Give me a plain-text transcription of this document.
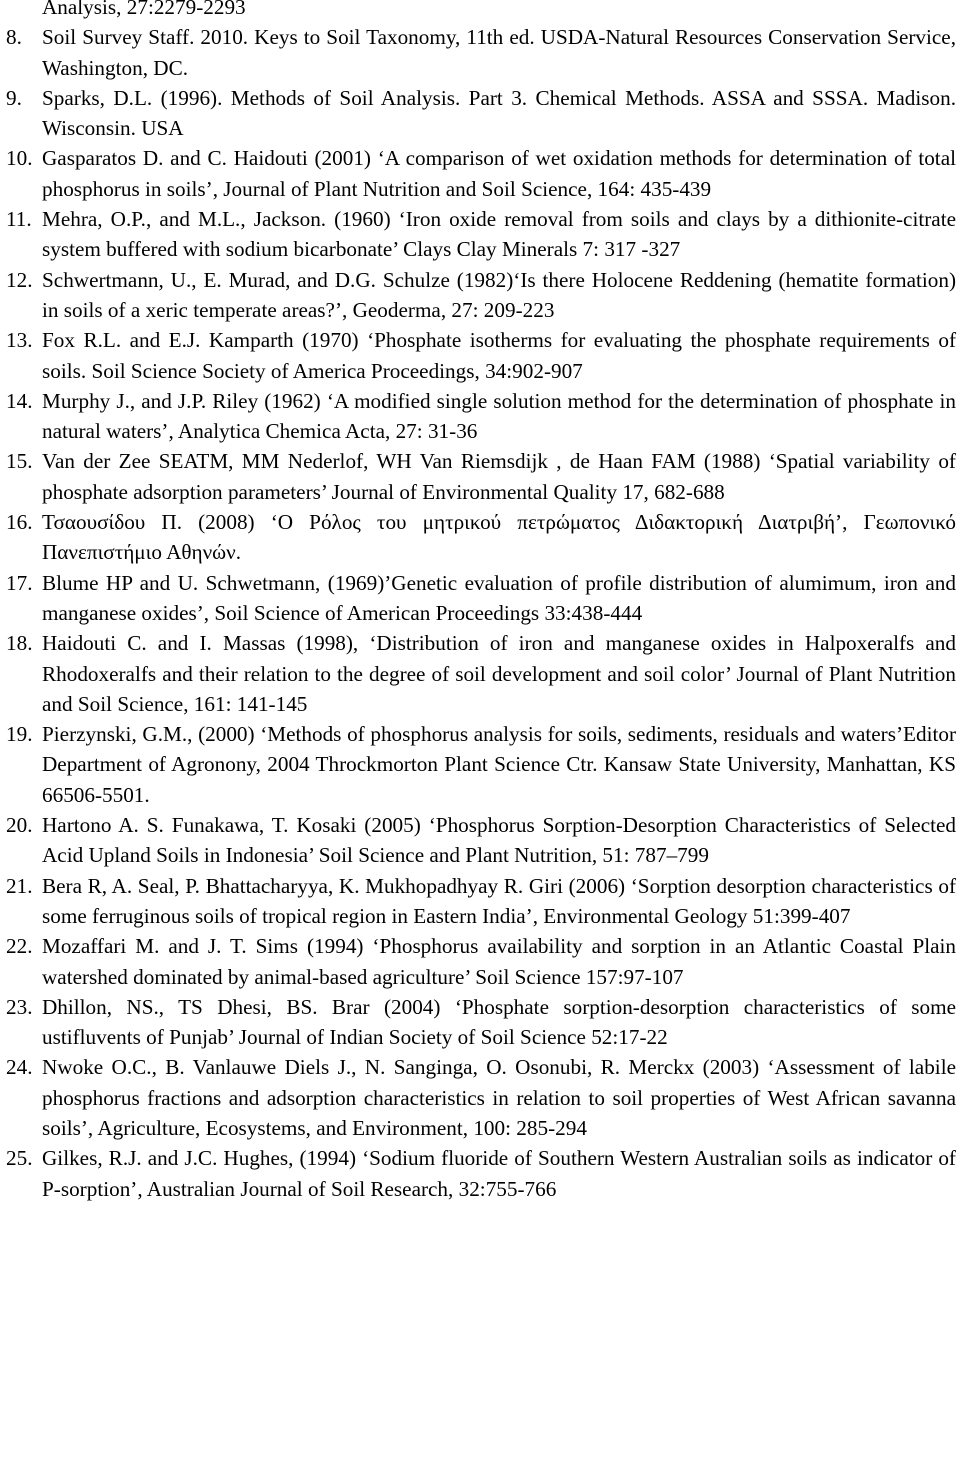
Analysis, 27:2279-2293

8. Soil Survey Staff. 2010. Keys to Soil Taxonomy, 11th ed. USDA-Natural Resources Conservation Service, Washington, DC.
9. Sparks, D.L. (1996). Methods of Soil Analysis. Part 3. Chemical Methods. ASSA and SSSA. Madison. Wisconsin. USA
10. Gasparatos D. and C. Haidouti (2001) ‘A comparison of wet oxidation methods for determination of total phosphorus in soils’, Journal of Plant Nutrition and Soil Science, 164: 435-439
11. Mehra, O.P., and M.L., Jackson. (1960) ‘Iron oxide removal from soils and clays by a dithionite-citrate system buffered with sodium bicarbonate’ Clays Clay Minerals 7: 317 -327
12. Schwertmann, U., E. Murad, and D.G. Schulze (1982)‘Is there Holocene Reddening (hematite formation) in soils of a xeric temperate areas?’, Geoderma, 27: 209-223
13. Fox R.L. and E.J. Kamparth (1970) ‘Phosphate isotherms for evaluating the phosphate requirements of soils. Soil Science Society of America Proceedings, 34:902-907
14. Murphy J., and J.P. Riley (1962) ‘A modified single solution method for the determination of phosphate in natural waters’, Analytica Chemica Acta, 27: 31-36
15. Van der Zee SEATM, MM Nederlof, WH Van Riemsdijk , de Haan FAM (1988) ‘Spatial variability of phosphate adsorption parameters’ Journal of Environmental Quality 17, 682-688
16. Τσαουσίδου Π. (2008) ‘Ο Ρόλος του μητρικού πετρώματος Διδακτορική Διατριβή’, Γεωπονικό Πανεπιστήμιο Αθηνών.
17. Blume HP and U. Schwetmann, (1969)’Genetic evaluation of profile distribution of alumimum, iron and manganese oxides’, Soil Science of American Proceedings 33:438-444
18. Haidouti C. and I. Massas (1998), ‘Distribution of iron and manganese oxides in Halpoxeralfs and Rhodoxeralfs and their relation to the degree of soil development and soil color’ Journal of Plant Nutrition and Soil Science, 161: 141-145
19. Pierzynski, G.M., (2000) ‘Methods of phosphorus analysis for soils, sediments, residuals and waters’Editor Department of Agronony, 2004 Throckmorton Plant Science Ctr. Kansaw State University, Manhattan, KS 66506-5501.
20. Hartono A. S. Funakawa, T. Kosaki (2005) ‘Phosphorus Sorption-Desorption Characteristics of Selected Acid Upland Soils in Indonesia’ Soil Science and Plant Nutrition, 51: 787–799
21. Bera R, A. Seal, P. Bhattacharyya, K. Mukhopadhyay R. Giri (2006) ‘Sorption desorption characteristics of some ferruginous soils of tropical region in Eastern India’, Environmental Geology 51:399-407
22. Mozaffari M. and J. T. Sims (1994) ‘Phosphorus availability and sorption in an Atlantic Coastal Plain watershed dominated by animal-based agriculture’ Soil Science 157:97-107
23. Dhillon, NS., TS Dhesi, BS. Brar (2004) ‘Phosphate sorption-desorption characteristics of some ustifluvents of Punjab’ Journal of Indian Society of Soil Science 52:17-22
24. Nwoke O.C., B. Vanlauwe Diels J., N. Sanginga, O. Osonubi, R. Merckx (2003) ‘Assessment of labile phosphorus fractions and adsorption characteristics in relation to soil properties of West African savanna soils’, Agriculture, Ecosystems, and Environment, 100: 285-294
25. Gilkes, R.J. and J.C. Hughes, (1994) ‘Sodium fluoride of Southern Western Australian soils as indicator of P-sorption’, Australian Journal of Soil Research, 32:755-766
